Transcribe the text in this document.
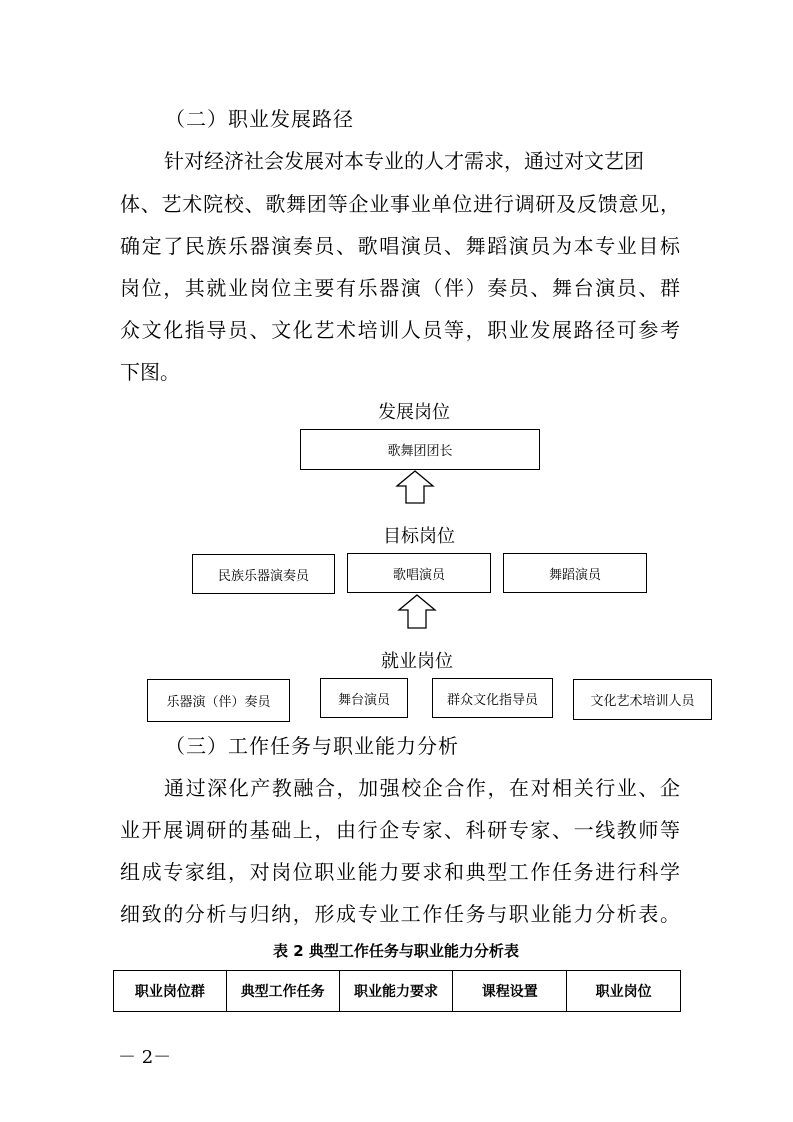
（二）职业发展路径
针对经济社会发展对本专业的人才需求，通过对文艺团
体、艺术院校、歌舞团等企业事业单位进行调研及反馈意见，
确定了民族乐器演奏员、歌唱演员、舞蹈演员为本专业目标
岗位，其就业岗位主要有乐器演（伴）奏员、舞台演员、群
众文化指导员、文化艺术培训人员等，职业发展路径可参考
下图。
发展岗位
歌舞团团长
目标岗位
民族乐器演奏员	歌唱演员	舞蹈演员
就业岗位
乐器演（伴）奏员	舞台演员	群众文化指导员	文化艺术培训人员
（三）工作任务与职业能力分析
通过深化产教融合，加强校企合作，在对相关行业、企
业开展调研的基础上，由行企专家、科研专家、一线教师等
组成专家组，对岗位职业能力要求和典型工作任务进行科学
细致的分析与归纳，形成专业工作任务与职业能力分析表。
表 2 典型工作任务与职业能力分析表
职业岗位群	典型工作任务	职业能力要求	课程设置	职业岗位
－ 2－
